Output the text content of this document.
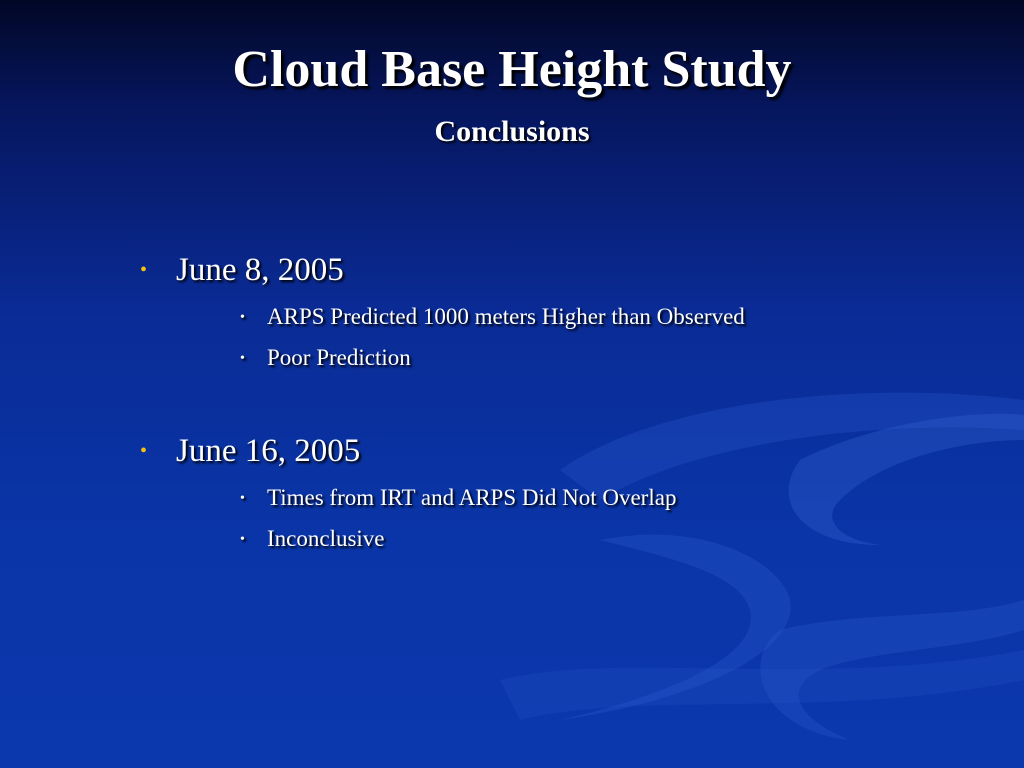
Cloud Base Height Study
Conclusions
• June 8, 2005
• ARPS Predicted 1000 meters Higher than Observed
• Poor Prediction
• June 16, 2005
• Times from IRT and ARPS Did Not Overlap
• Inconclusive
